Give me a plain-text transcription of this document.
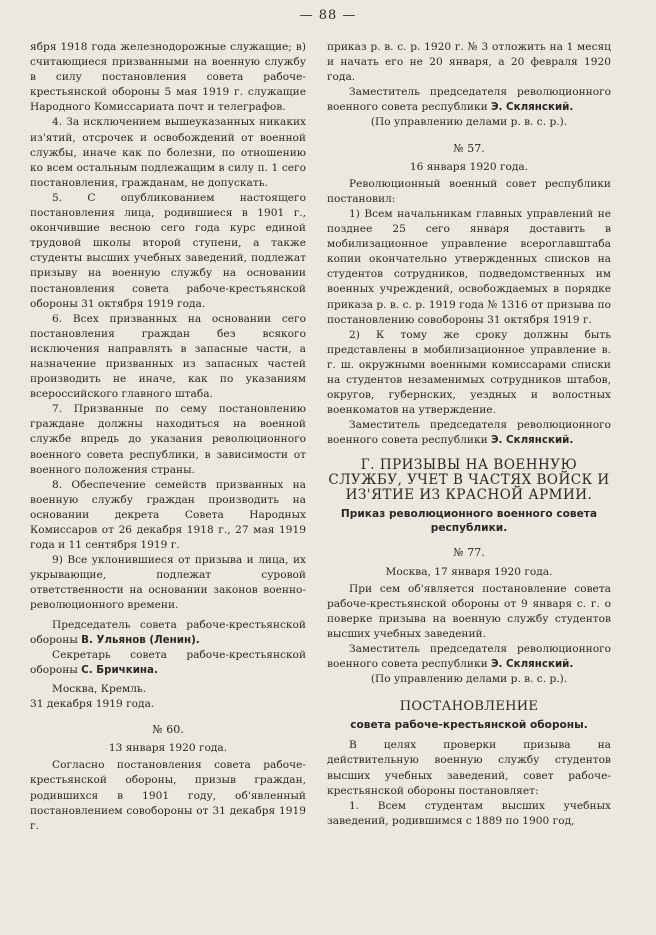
— 88 —

ября 1918 года железнодорожные служащие; в) считающиеся призванными на военную службу в силу постановления совета рабоче-крестьянской обороны 5 мая 1919 г. служащие Народного Комиссариата почт и телеграфов.

4. За исключением вышеуказанных никаких из'ятий, отсрочек и освобождений от военной службы, иначе как по болезни, по отношению ко всем остальным подлежащим в силу п. 1 сего постановления, гражданам, не допускать.

5. С опубликованием настоящего постановления лица, родившиеся в 1901 г., окончившие весною сего года курс единой трудовой школы второй ступени, а также студенты высших учебных заведений, подлежат призыву на военную службу на основании постановления совета рабоче-крестьянской обороны 31 октября 1919 года.

6. Всех призванных на основании сего постановления граждан без всякого исключения направлять в запасные части, а назначение призванных из запасных частей производить не иначе, как по указаниям всероссийского главного штаба.

7. Призванные по сему постановлению граждане должны находиться на военной службе впредь до указания революционного военного совета республики, в зависимости от военного положения страны.

8. Обеспечение семейств призванных на военную службу граждан производить на основании декрета Совета Народных Комиссаров от 26 декабря 1918 г., 27 мая 1919 года и 11 сентября 1919 г.

9) Все уклонившиеся от призыва и лица, их укрывающие, подлежат суровой ответственности на основании законов военно-революционного времени.

Председатель совета рабоче-крестьянской обороны В. Ульянов (Ленин).

Секретарь совета рабоче-крестьянской обороны С. Бричкина.

Москва, Кремль.

31 декабря 1919 года.

№ 60.
13 января 1920 года.

Согласно постановления совета рабоче-крестьянской обороны, призыв граждан, родившихся в 1901 году, об'явленный постановлением совобороны от 31 декабря 1919 г.

приказ р. в. с. р. 1920 г. № 3 отложить на 1 месяц и начать его не 20 января, а 20 февраля 1920 года.

Заместитель председателя революционного военного совета республики Э. Склянский.

(По управлению делами р. в. с. р.).

№ 57.
16 января 1920 года.

Революционный военный совет республики постановил:

1) Всем начальникам главных управлений не позднее 25 сего января доставить в мобилизационное управление всероглавштаба копии окончательно утвержденных списков на студентов сотрудников, подведомственных им военных учреждений, освобождаемых в порядке приказа р. в. с. р. 1919 года № 1316 от призыва по постановлению совобороны 31 октября 1919 г.

2) К тому же сроку должны быть представлены в мобилизационное управление в. г. ш. окружными военными комиссарами списки на студентов незаменимых сотрудников штабов, округов, губернских, уездных и волостных военкоматов на утверждение.

Заместитель председателя революционного военного совета республики Э. Склянский.

Г. ПРИЗЫВЫ НА ВОЕННУЮ СЛУЖБУ, УЧЕТ В ЧАСТЯХ ВОЙСК И ИЗ'ЯТИЕ ИЗ КРАСНОЙ АРМИИ.
Приказ революционного военного совета республики.
№ 77.
Москва, 17 января 1920 года.

При сем об'является постановление совета рабоче-крестьянской обороны от 9 января с. г. о поверке призыва на военную службу студентов высших учебных заведений.

Заместитель председателя революционного военного совета республики Э. Склянский.

(По управлению делами р. в. с. р.).

ПОСТАНОВЛЕНИЕ
совета рабоче-крестьянской обороны.

В целях проверки призыва на действительную военную службу студентов высших учебных заведений, совет рабоче-крестьянской обороны постановляет:

1. Всем студентам высших учебных заведений, родившимся с 1889 по 1900 год,
